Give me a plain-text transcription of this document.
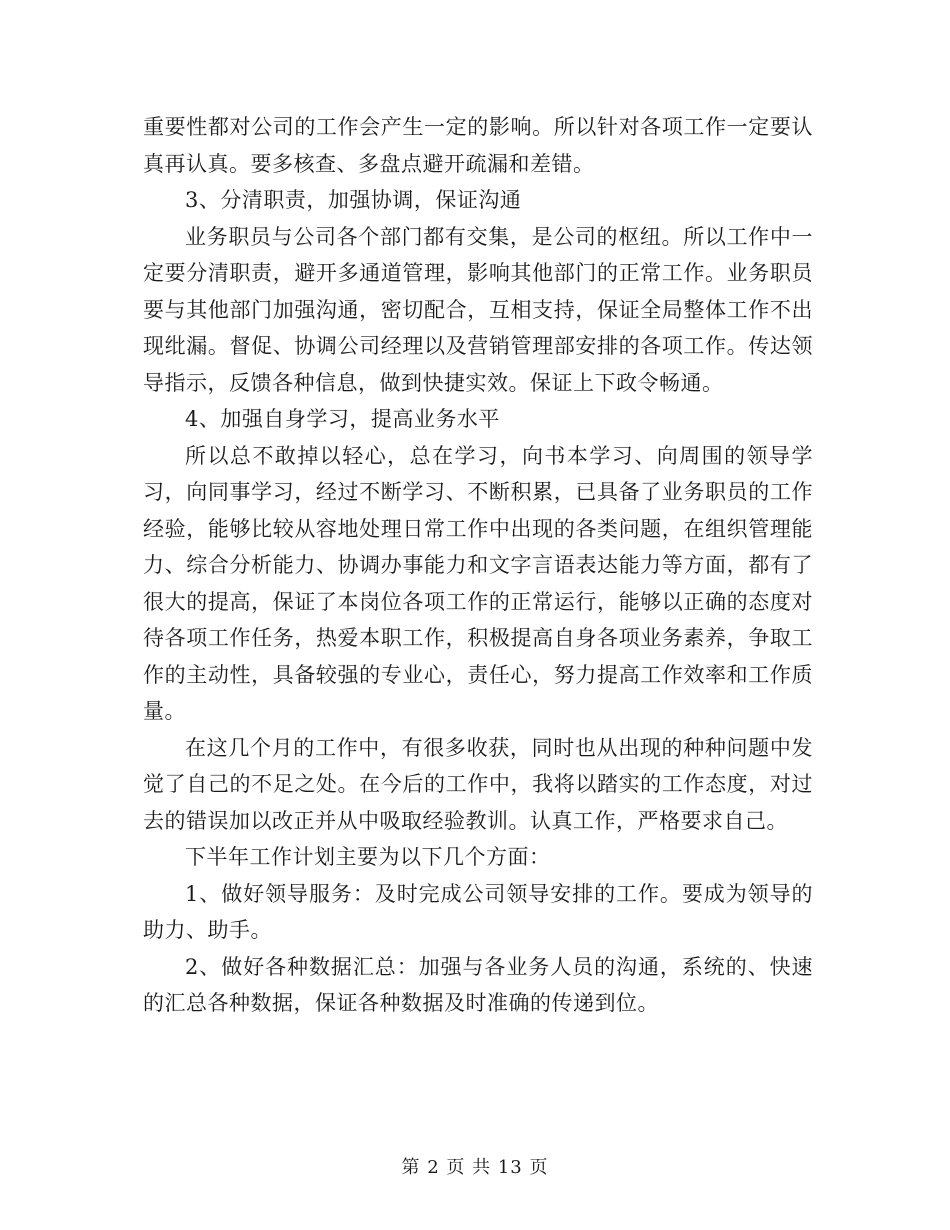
重要性都对公司的工作会产生一定的影响。所以针对各项工作一定要认真再认真。要多核查、多盘点避开疏漏和差错。

3、分清职责，加强协调，保证沟通

业务职员与公司各个部门都有交集，是公司的枢纽。所以工作中一定要分清职责，避开多通道管理，影响其他部门的正常工作。业务职员要与其他部门加强沟通，密切配合，互相支持，保证全局整体工作不出现纰漏。督促、协调公司经理以及营销管理部安排的各项工作。传达领导指示，反馈各种信息，做到快捷实效。保证上下政令畅通。

4、加强自身学习，提高业务水平

所以总不敢掉以轻心，总在学习，向书本学习、向周围的领导学习，向同事学习，经过不断学习、不断积累，已具备了业务职员的工作经验，能够比较从容地处理日常工作中出现的各类问题，在组织管理能力、综合分析能力、协调办事能力和文字言语表达能力等方面，都有了很大的提高，保证了本岗位各项工作的正常运行，能够以正确的态度对待各项工作任务，热爱本职工作，积极提高自身各项业务素养，争取工作的主动性，具备较强的专业心，责任心，努力提高工作效率和工作质量。

在这几个月的工作中，有很多收获，同时也从出现的种种问题中发觉了自己的不足之处。在今后的工作中，我将以踏实的工作态度，对过去的错误加以改正并从中吸取经验教训。认真工作，严格要求自己。

下半年工作计划主要为以下几个方面：

1、做好领导服务：及时完成公司领导安排的工作。要成为领导的助力、助手。

2、做好各种数据汇总：加强与各业务人员的沟通，系统的、快速的汇总各种数据，保证各种数据及时准确的传递到位。

第 2 页 共 13 页
